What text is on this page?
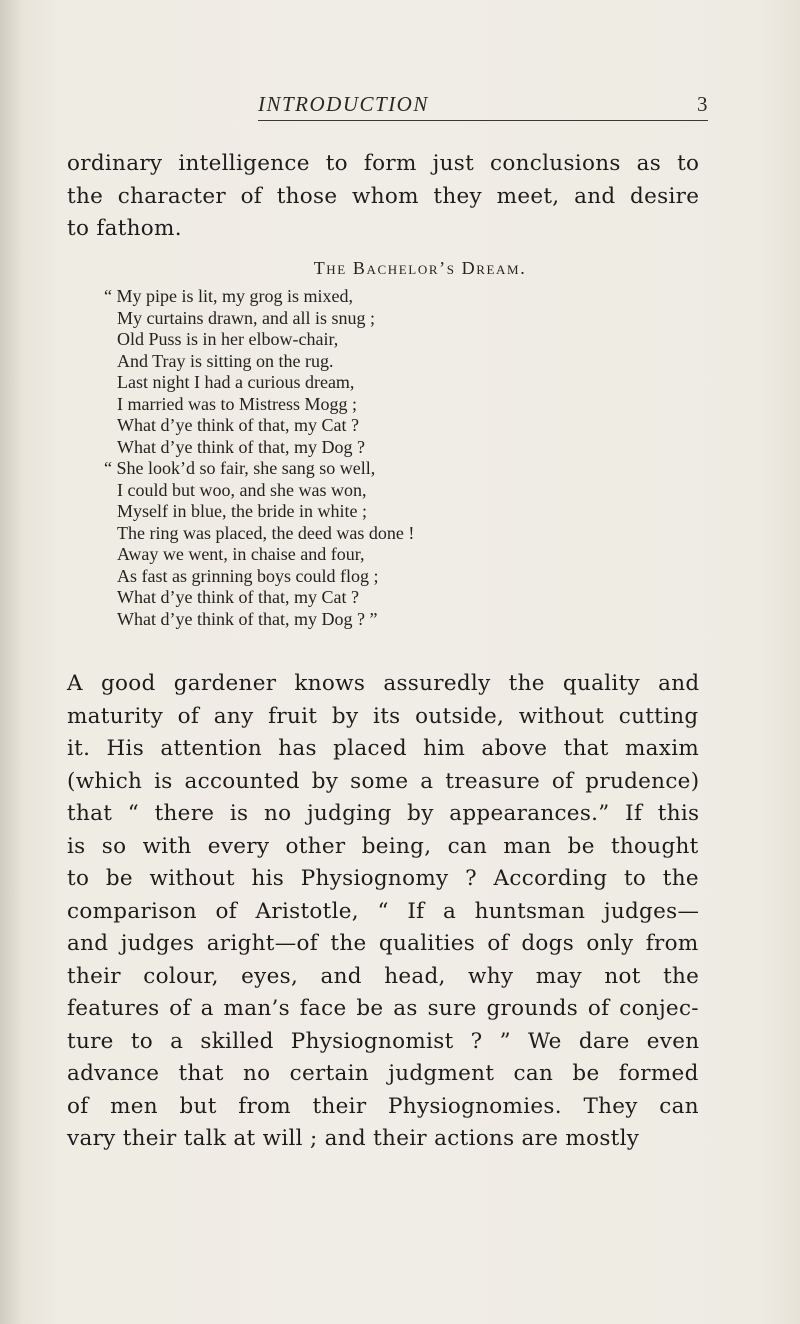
INTRODUCTION	3
ordinary intelligence to form just conclusions as to
the character of those whom they meet, and desire
to fathom.
The Bachelor’s Dream.
“ My pipe is lit, my grog is mixed,
My curtains drawn, and all is snug ;
Old Puss is in her elbow-chair,
And Tray is sitting on the rug.
Last night I had a curious dream,
I married was to Mistress Mogg ;
What d’ye think of that, my Cat ?
What d’ye think of that, my Dog ?
“ She look’d so fair, she sang so well,
I could but woo, and she was won,
Myself in blue, the bride in white ;
The ring was placed, the deed was done !
Away we went, in chaise and four,
As fast as grinning boys could flog ;
What d’ye think of that, my Cat ?
What d’ye think of that, my Dog ? ”
A good gardener knows assuredly the quality and
maturity of any fruit by its outside, without cutting
it. His attention has placed him above that maxim
(which is accounted by some a treasure of prudence)
that “ there is no judging by appearances.” If this
is so with every other being, can man be thought
to be without his Physiognomy ? According to the
comparison of Aristotle, “ If a huntsman judges—
and judges aright—of the qualities of dogs only from
their colour, eyes, and head, why may not the
features of a man’s face be as sure grounds of conjec-
ture to a skilled Physiognomist ? ” We dare even
advance that no certain judgment can be formed
of men but from their Physiognomies. They can
vary their talk at will ; and their actions are mostly
